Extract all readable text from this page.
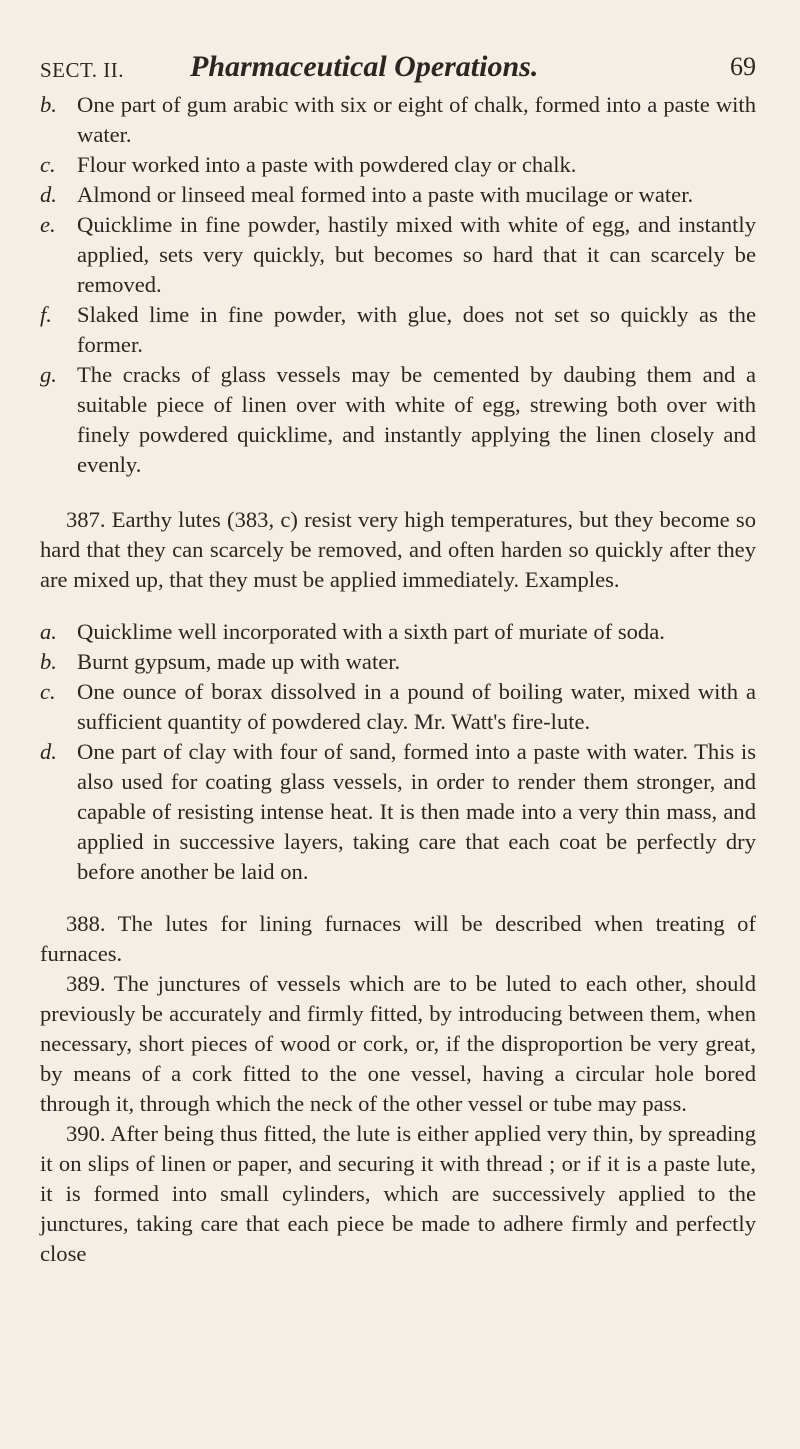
SECT. II. Pharmaceutical Operations.	69

b. One part of gum arabic with six or eight of chalk, formed into a paste with water.

c. Flour worked into a paste with powdered clay or chalk.

d. Almond or linseed meal formed into a paste with mucilage or water.

e. Quicklime in fine powder, hastily mixed with white of egg, and instantly applied, sets very quickly, but becomes so hard that it can scarcely be removed.

f. Slaked lime in fine powder, with glue, does not set so quickly as the former.

g. The cracks of glass vessels may be cemented by daubing them and a suitable piece of linen over with white of egg, strewing both over with finely powdered quicklime, and instantly applying the linen closely and evenly.

387. Earthy lutes (383, c) resist very high temperatures, but they become so hard that they can scarcely be removed, and often harden so quickly after they are mixed up, that they must be applied immediately. Examples.

a. Quicklime well incorporated with a sixth part of muriate of soda.

b. Burnt gypsum, made up with water.

c. One ounce of borax dissolved in a pound of boiling water, mixed with a sufficient quantity of powdered clay. Mr. Watt's fire-lute.

d. One part of clay with four of sand, formed into a paste with water. This is also used for coating glass vessels, in order to render them stronger, and capable of resisting intense heat. It is then made into a very thin mass, and applied in successive layers, taking care that each coat be perfectly dry before another be laid on.

388. The lutes for lining furnaces will be described when treating of furnaces.

389. The junctures of vessels which are to be luted to each other, should previously be accurately and firmly fitted, by introducing between them, when necessary, short pieces of wood or cork, or, if the disproportion be very great, by means of a cork fitted to the one vessel, having a circular hole bored through it, through which the neck of the other vessel or tube may pass.

390. After being thus fitted, the lute is either applied very thin, by spreading it on slips of linen or paper, and securing it with thread ; or if it is a paste lute, it is formed into small cylinders, which are successively applied to the junctures, taking care that each piece be made to adhere firmly and perfectly close
